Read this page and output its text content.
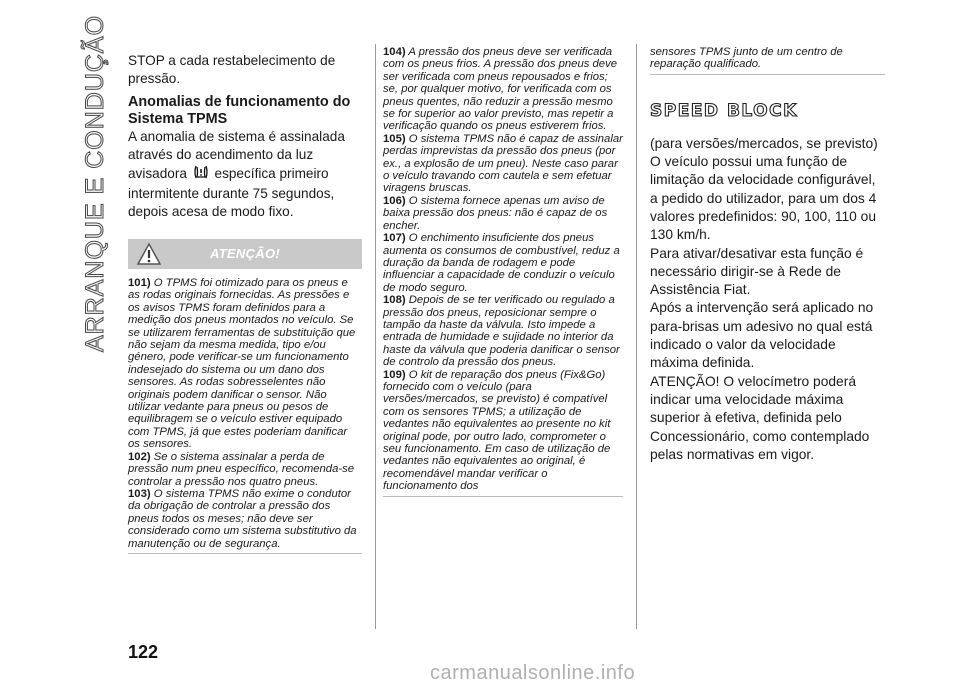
ARRANQUE E CONDUÇÃO STOP a cada restabelecimento de pressão.

Anomalias de funcionamento do

Sistema TPMS

A anomalia de sistema é assinalada através do acendimento da luz avisadora específica primeiro intermitente durante 75 segundos, depois acesa de modo fixo.

ATENÇÃO!

101) O TPMS foi otimizado para os pneus e as rodas originais fornecidas. As pressões e os avisos TPMS foram definidos para a medição dos pneus montados no veículo. Se se utilizarem ferramentas de substituição que não sejam da mesma medida, tipo e/ou género, pode verificar-se um funcionamento indesejado do sistema ou um dano dos sensores. As rodas sobresselentes não originais podem danificar o sensor. Não utilizar vedante para pneus ou pesos de equilibragem se o veículo estiver equipado com TPMS, já que estes poderiam danificar os sensores.

102) Se o sistema assinalar a perda de pressão num pneu específico, recomenda-se controlar a pressão nos quatro pneus.

103) O sistema TPMS não exime o condutor da obrigação de controlar a pressão dos pneus todos os meses; não deve ser considerado como um sistema substitutivo da manutenção ou de segurança.

104) A pressão dos pneus deve ser verificada com os pneus frios. A pressão dos pneus deve ser verificada com pneus repousados e frios; se, por qualquer motivo, for verificada com os pneus quentes, não reduzir a pressão mesmo se for superior ao valor previsto, mas repetir a verificação quando os pneus estiverem frios.

105) O sistema TPMS não é capaz de assinalar perdas imprevistas da pressão dos pneus (por ex., a explosão de um pneu). Neste caso parar o veículo travando com cautela e sem efetuar viragens bruscas.

106) O sistema fornece apenas um aviso de baixa pressão dos pneus: não é capaz de os encher.

107) O enchimento insuficiente dos pneus aumenta os consumos de combustível, reduz a duração da banda de rodagem e pode influenciar a capacidade de conduzir o veículo de modo seguro.

108) Depois de se ter verificado ou regulado a pressão dos pneus, reposicionar sempre o tampão da haste da válvula. Isto impede a entrada de humidade e sujidade no interior da haste da válvula que poderia danificar o sensor de controlo da pressão dos pneus.

109) O kit de reparação dos pneus (Fix&Go) fornecido com o veículo (para versões/mercados, se previsto) é compatível com os sensores TPMS; a utilização de vedantes não equivalentes ao presente no kit original pode, por outro lado, comprometer o seu funcionamento. Em caso de utilização de vedantes não equivalentes ao original, é recomendável mandar verificar o funcionamento dos

sensores TPMS junto de um centro de reparação qualificado.

SPEED BLOCK

(para versões/mercados, se previsto)

O veículo possui uma função de limitação da velocidade configurável, a pedido do utilizador, para um dos 4 valores predefinidos: 90, 100, 110 ou 130 km/h.

Para ativar/desativar esta função é necessário dirigir-se à Rede de Assistência Fiat.

Após a intervenção será aplicado no para-brisas um adesivo no qual está indicado o valor da velocidade máxima definida.

ATENÇÃO! O velocímetro poderá indicar uma velocidade máxima superior à efetiva, definida pelo Concessionário, como contemplado pelas normativas em vigor.

122
carmanualsonline.info
